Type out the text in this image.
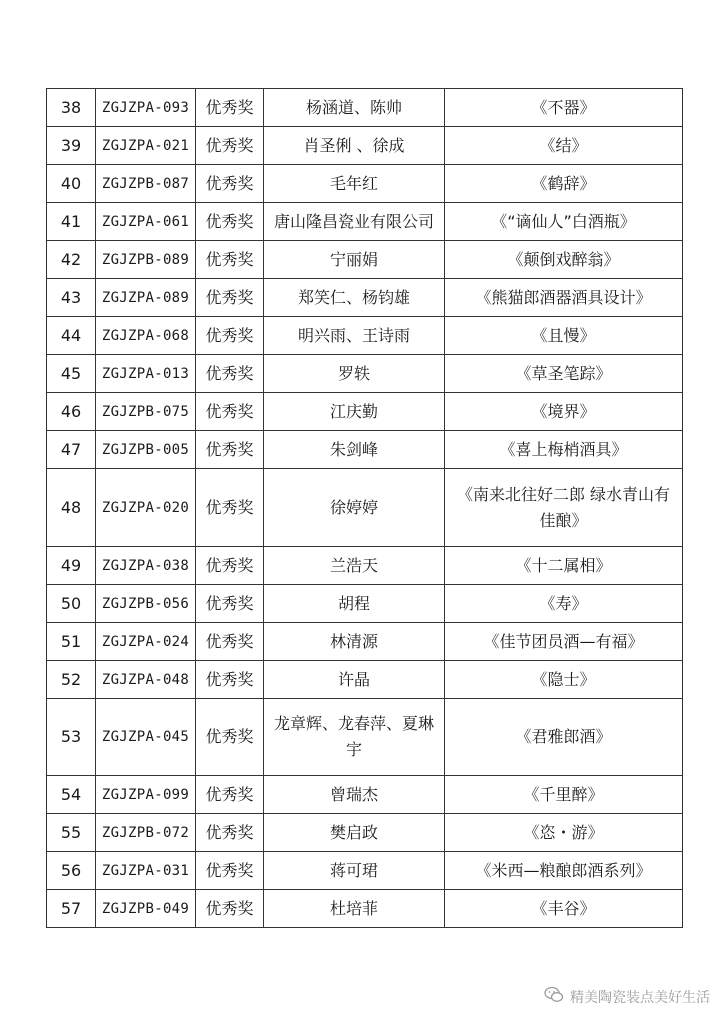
38	ZGJZPA-093	优秀奖	杨涵道、陈帅	《不器》
39	ZGJZPA-021	优秀奖	肖圣俐 、徐成	《结》
40	ZGJZPB-087	优秀奖	毛年红	《鹤辞》
41	ZGJZPA-061	优秀奖	唐山隆昌瓷业有限公司	《“谪仙人”白酒瓶》
42	ZGJZPB-089	优秀奖	宁丽娟	《颠倒戏醉翁》
43	ZGJZPA-089	优秀奖	郑笑仁、杨钧雄	《熊猫郎酒器酒具设计》
44	ZGJZPA-068	优秀奖	明兴雨、王诗雨	《且慢》
45	ZGJZPA-013	优秀奖	罗轶	《草圣笔踪》
46	ZGJZPB-075	优秀奖	江庆勤	《境界》
47	ZGJZPB-005	优秀奖	朱剑峰	《喜上梅梢酒具》
48	ZGJZPA-020	优秀奖	徐婷婷	《南来北往好二郎 绿水青山有佳酿》
49	ZGJZPA-038	优秀奖	兰浩天	《十二属相》
50	ZGJZPB-056	优秀奖	胡程	《寿》
51	ZGJZPA-024	优秀奖	林清源	《佳节团员酒—有福》
52	ZGJZPA-048	优秀奖	许晶	《隐士》
53	ZGJZPA-045	优秀奖	龙章辉、龙春萍、夏琳宇	《君雅郎酒》
54	ZGJZPA-099	优秀奖	曾瑞杰	《千里醉》
55	ZGJZPB-072	优秀奖	樊启政	《恣・游》
56	ZGJZPA-031	优秀奖	蒋可珺	《米西—粮酿郎酒系列》
57	ZGJZPB-049	优秀奖	杜培菲	《丰谷》
精美陶瓷装点美好生活
